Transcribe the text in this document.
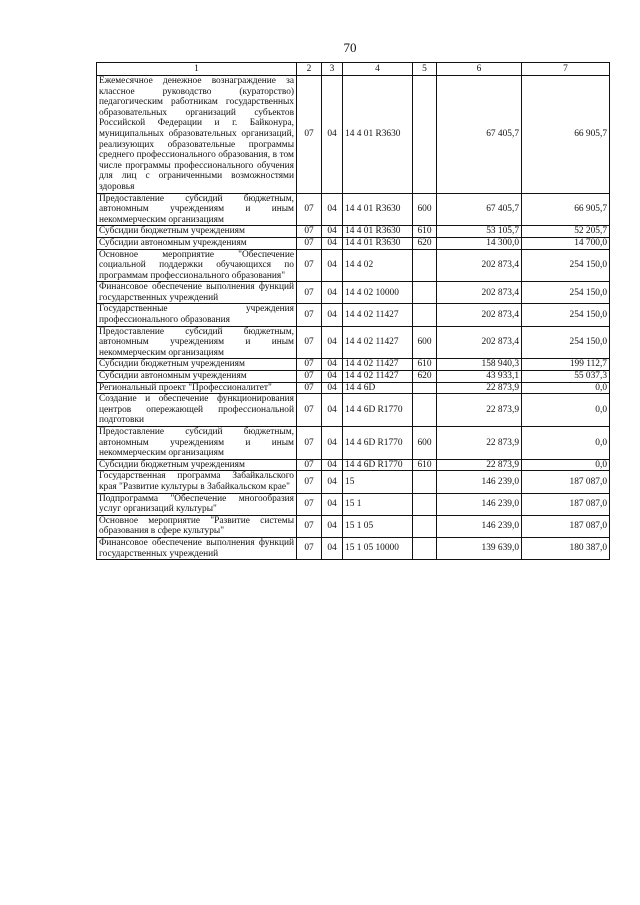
70
1	2	3	4	5	6	7
Ежемесячное денежное вознаграждение за классное руководство (кураторство) педагогическим работникам государственных образовательных организаций субъектов Российской Федерации и г. Байконура, муниципальных образовательных организаций, реализующих образовательные программы среднего профессионального образования, в том числе программы профессионального обучения для лиц с ограниченными возможностями здоровья	07	04	14 4 01 R3630		67 405,7	66 905,7
Предоставление субсидий бюджетным, автономным учреждениям и иным некоммерческим организациям	07	04	14 4 01 R3630	600	67 405,7	66 905,7
Субсидии бюджетным учреждениям	07	04	14 4 01 R3630	610	53 105,7	52 205,7
Субсидии автономным учреждениям	07	04	14 4 01 R3630	620	14 300,0	14 700,0
Основное мероприятие "Обеспечение социальной поддержки обучающихся по программам профессионального образования"	07	04	14 4 02		202 873,4	254 150,0
Финансовое обеспечение выполнения функций государственных учреждений	07	04	14 4 02 10000		202 873,4	254 150,0
Государственные учреждения профессионального образования	07	04	14 4 02 11427		202 873,4	254 150,0
Предоставление субсидий бюджетным, автономным учреждениям и иным некоммерческим организациям	07	04	14 4 02 11427	600	202 873,4	254 150,0
Субсидии бюджетным учреждениям	07	04	14 4 02 11427	610	158 940,3	199 112,7
Субсидии автономным учреждениям	07	04	14 4 02 11427	620	43 933,1	55 037,3
Региональный проект "Профессионалитет"	07	04	14 4 6D		22 873,9	0,0
Создание и обеспечение функционирования центров опережающей профессиональной подготовки	07	04	14 4 6D R1770		22 873,9	0,0
Предоставление субсидий бюджетным, автономным учреждениям и иным некоммерческим организациям	07	04	14 4 6D R1770	600	22 873,9	0,0
Субсидии бюджетным учреждениям	07	04	14 4 6D R1770	610	22 873,9	0,0
Государственная программа Забайкальского края "Развитие культуры в Забайкальском крае"	07	04	15		146 239,0	187 087,0
Подпрограмма "Обеспечение многообразия услуг организаций культуры"	07	04	15 1		146 239,0	187 087,0
Основное мероприятие "Развитие системы образования в сфере культуры"	07	04	15 1 05		146 239,0	187 087,0
Финансовое обеспечение выполнения функций государственных учреждений	07	04	15 1 05 10000		139 639,0	180 387,0
